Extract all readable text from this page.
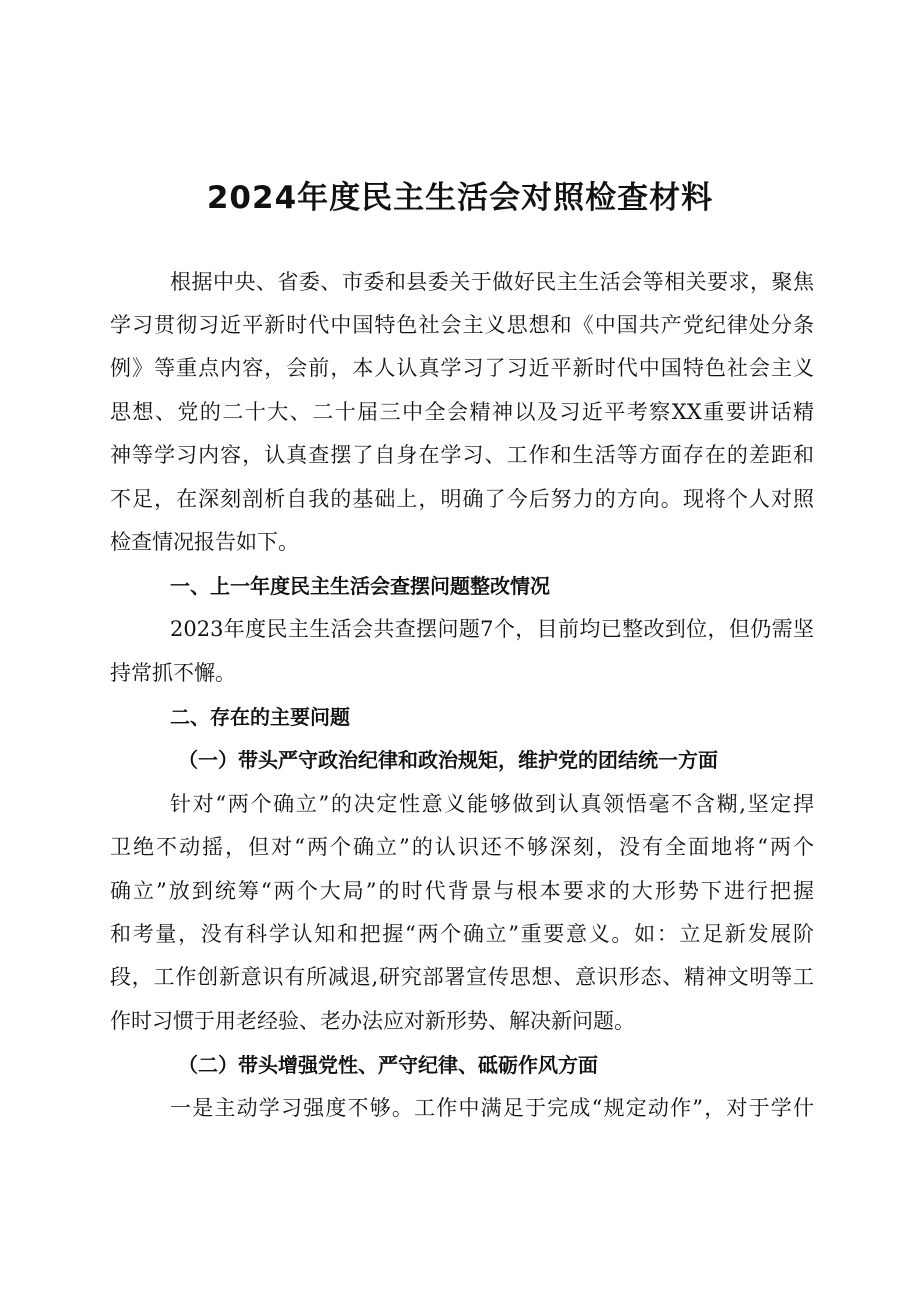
2024年度民主生活会对照检查材料
根据中央、省委、市委和县委关于做好民主生活会等相关要求，聚焦
学习贯彻习近平新时代中国特色社会主义思想和《中国共产党纪律处分条
例》等重点内容，会前，本人认真学习了习近平新时代中国特色社会主义
思想、党的二十大、二十届三中全会精神以及习近平考察XX重要讲话精
神等学习内容，认真查摆了自身在学习、工作和生活等方面存在的差距和
不足，在深刻剖析自我的基础上，明确了今后努力的方向。现将个人对照
检查情况报告如下。
一、上一年度民主生活会查摆问题整改情况
2023年度民主生活会共查摆问题7个，目前均已整改到位，但仍需坚
持常抓不懈。
二、存在的主要问题
（一）带头严守政治纪律和政治规矩，维护党的团结统一方面
针对“两个确立”的决定性意义能够做到认真领悟毫不含糊,坚定捍
卫绝不动摇，但对“两个确立”的认识还不够深刻，没有全面地将“两个
确立”放到统筹“两个大局”的时代背景与根本要求的大形势下进行把握
和考量，没有科学认知和把握“两个确立”重要意义。如：立足新发展阶
段，工作创新意识有所减退,研究部署宣传思想、意识形态、精神文明等工
作时习惯于用老经验、老办法应对新形势、解决新问题。
（二）带头增强党性、严守纪律、砥砺作风方面
一是主动学习强度不够。工作中满足于完成“规定动作”，对于学什
